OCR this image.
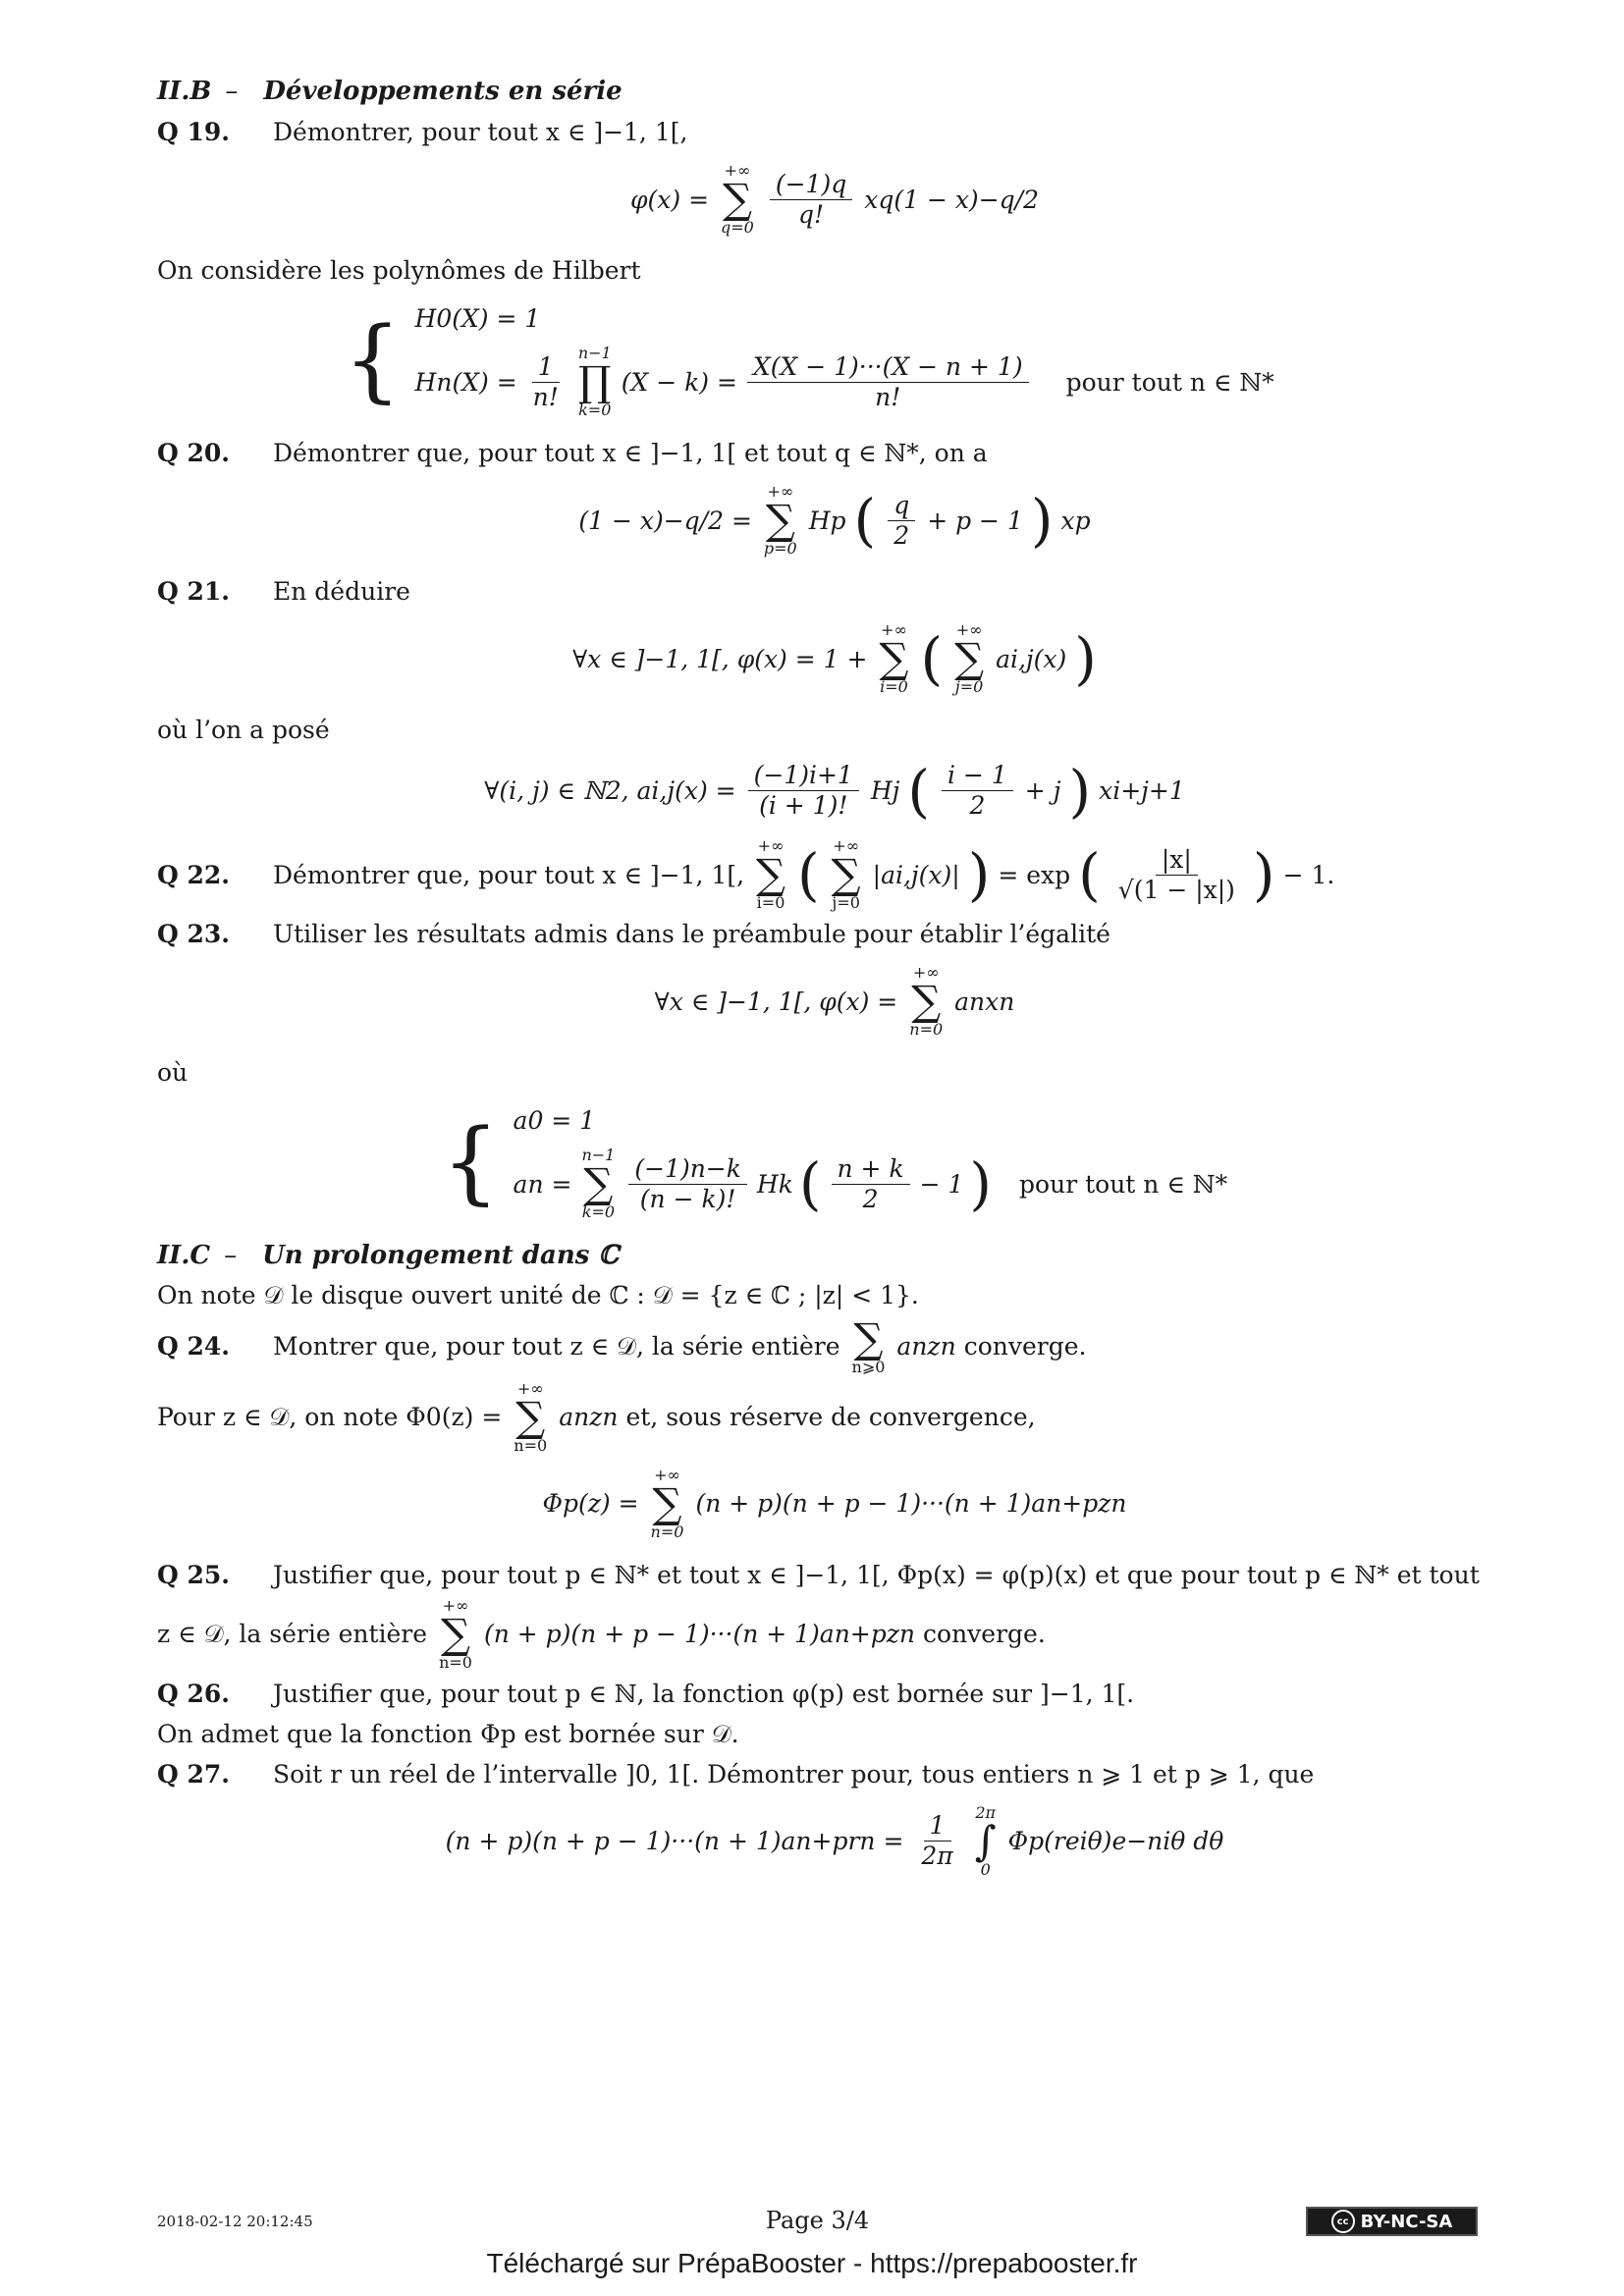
II.B – Développements en série
Q 19.	Démontrer, pour tout x ∈ ]−1, 1[,
φ(x) =
+∞
∑
$q=0 \frac{(-1)q}{q!} xq(1 - x)-q/2$
On considère les polynômes de Hilbert
{ H0(X) = 1
$Hn(X) = \frac{1}{n!} n-1$
∏
k=0
$(X - k) = \frac{X(X - 1)\cdot\cdot\cdot(X - n + 1)}{n!}$ pour tout n ∈ ℕ*
Q 20.	Démontrer que, pour tout x ∈ ]−1, 1[ et tout q ∈ ℕ*, on a
(1 − x)−q/2 =
+∞
∑
p=0
Hp ( $\frac{q}{2} + p - 1$ ) xp
Q 21.	En déduire
∀x ∈ ]−1, 1[, φ(x) = 1 +
+∞
∑
i=0 ( +∞
∑
j=0
ai,j(x) )
où l’on a posé
∀(i, j) ∈ ℕ2, $ai,j(x) = \frac{(-1)i+1}{(i + 1)!}$ Hj ( $\frac{i - 1}{2} + j$ ) xi+j+1
Q 22.	Démontrer que, pour tout x ∈ ]−1, 1[,
+∞
∑
i=0 ( +∞
∑
j=0
|ai,j(x)| ) = exp ( $\frac{|x|}{√(1 - |x|)}$ ) − 1.
Q 23.	Utiliser les résultats admis dans le préambule pour établir l’égalité
∀x ∈ ]−1, 1[, φ(x) =
+∞
∑
n=0
anxn
où
{ a0 = 1
an =
n−1
∑
$k=0 \frac{(-1)n-k}{(n - k)!}$ Hk ( $\frac{n + k}{2} - 1$ ) pour tout n ∈ ℕ*
II.C – Un prolongement dans ℂ
On note 𝒟 le disque ouvert unité de ℂ : 𝒟 = {z ∈ ℂ ; |z| < 1}.
Q 24.	Montrer que, pour tout z ∈ 𝒟, la série entière ∑
n⩾0
anzn converge.
Pour z ∈ 𝒟, on note Φ0(z) =
+∞
∑
n=0
anzn et, sous réserve de convergence,
Φp(z) =
+∞
∑
n=0
(n + p)(n + p − 1)···(n + 1)an+pzn
Q 25.	Justifier que, pour tout p ∈ ℕ* et tout x ∈ ]−1, 1[, Φp(x) = φ(p)(x) et que pour tout p ∈ ℕ* et tout
z ∈ 𝒟, la série entière
+∞
∑
n=0
(n + p)(n + p − 1)···(n + 1)an+pzn converge.
Q 26.	Justifier que, pour tout p ∈ ℕ, la fonction φ(p) est bornée sur ]−1, 1[.
On admet que la fonction Φp est bornée sur 𝒟.
Q 27.	Soit r un réel de l’intervalle ]0, 1[. Démontrer pour, tous entiers n ⩾ 1 et p ⩾ 1, que
$(n + p)(n + p - 1)\cdot\cdot\cdot(n + 1)an+prn = \frac{1}{2\pi} 2\pi$
∫
0
Φp(reiθ)e−niθ dθ
2018-02-12 20:12:45	Page 3/4	cc BY-NC-SA
Téléchargé sur PrépaBooster - https://prepabooster.fr
